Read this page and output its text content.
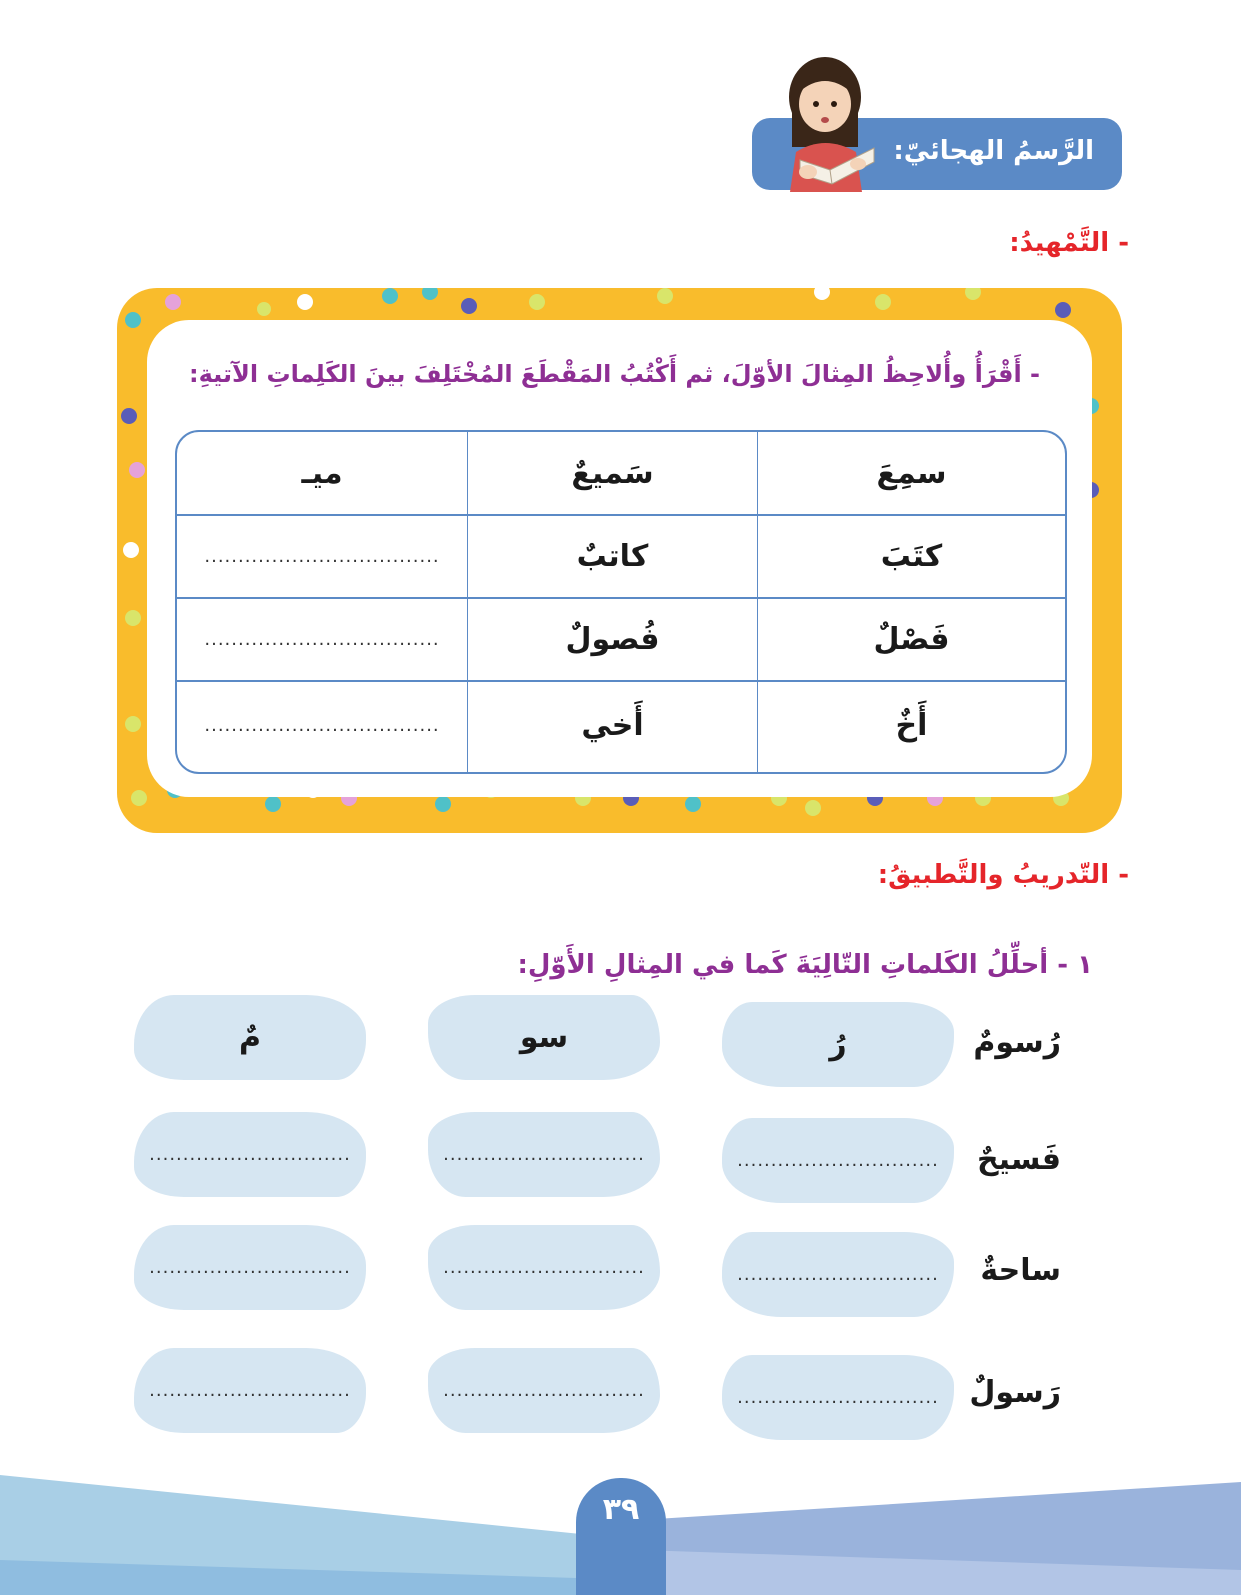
الرَّسمُ الهجائيّ:
- التَّمْهيدُ:
- أَقْرَأُ وأُلاحِظُ المِثالَ الأوّلَ، ثم أَكْتُبُ المَقْطَعَ المُخْتَلِفَ بينَ الكَلِماتِ الآتيةِ:
سمِعَ
سَميعٌ
ميـ
كتَبَ
كاتبٌ
...................................
فَصْلٌ
فُصولٌ
...................................
أَخٌ
أَخي
...................................
- التّدريبُ والتَّطبيقُ:
١ - أحلِّلُ الكَلماتِ التّالِيَةَ كَما في المِثالِ الأَوّلِ:
رُسومٌ
رُ
سو
مٌ
فَسيحٌ
..............................
..............................
..............................
ساحةٌ
..............................
..............................
..............................
رَسولٌ
..............................
..............................
..............................
٣٩
